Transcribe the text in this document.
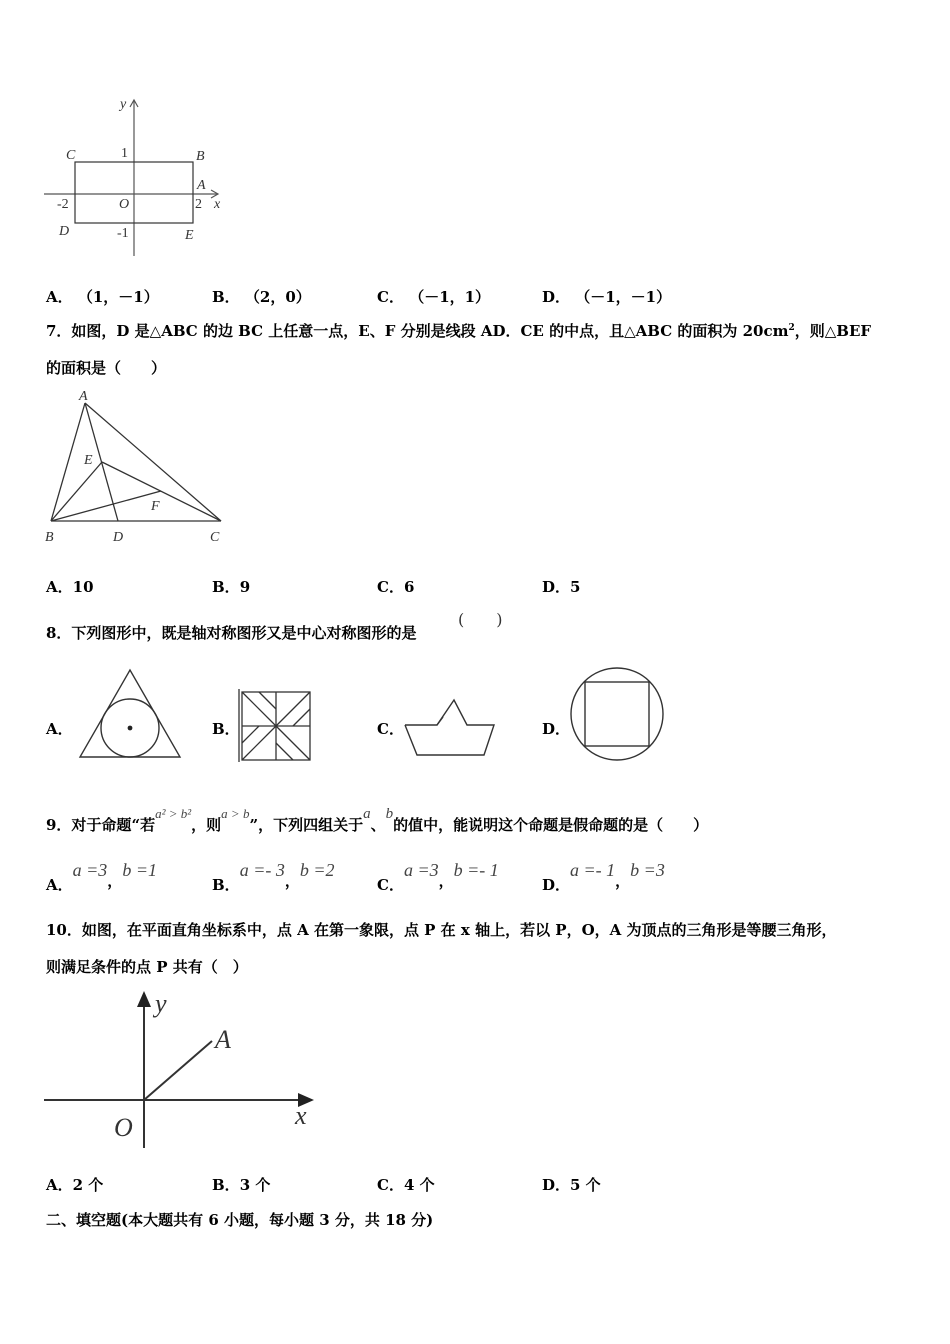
y
1
C	B
A
-2	O	2 x
D	-1	E
A． （1，－1）	B． （2，0）	C． （－1，1）	D． （－1，－1）
7．如图，D 是△ABC 的边 BC 上任意一点，E、F 分别是线段 AD．CE 的中点，且△ABC 的面积为 $20cm^2$，则△BEF
的面积是（　　）
A
E
F
B	D	C
A．10	B．9	C．6	D．5
8．下列图形中，既是轴对称图形又是中心对称图形的是
(　　)
A．	B．	C．	D．
9．对于命题“若a² > b²，则a > b”，下列四组关于a、b的值中，能说明这个命题是假命题的是（　　）
A．a =3，b =1
B．a =- 3，b =2
C．a =3，b =- 1
D．a =- 1，b =3
10．如图，在平面直角坐标系中，点 A 在第一象限，点 P 在 x 轴上，若以 P，O，A 为顶点的三角形是等腰三角形，
则满足条件的点 P 共有（　）
y
A
x
O
A．2 个	B．3 个	C．4 个	D．5 个
二、填空题(本大题共有 6 小题，每小题 3 分，共 18 分)
